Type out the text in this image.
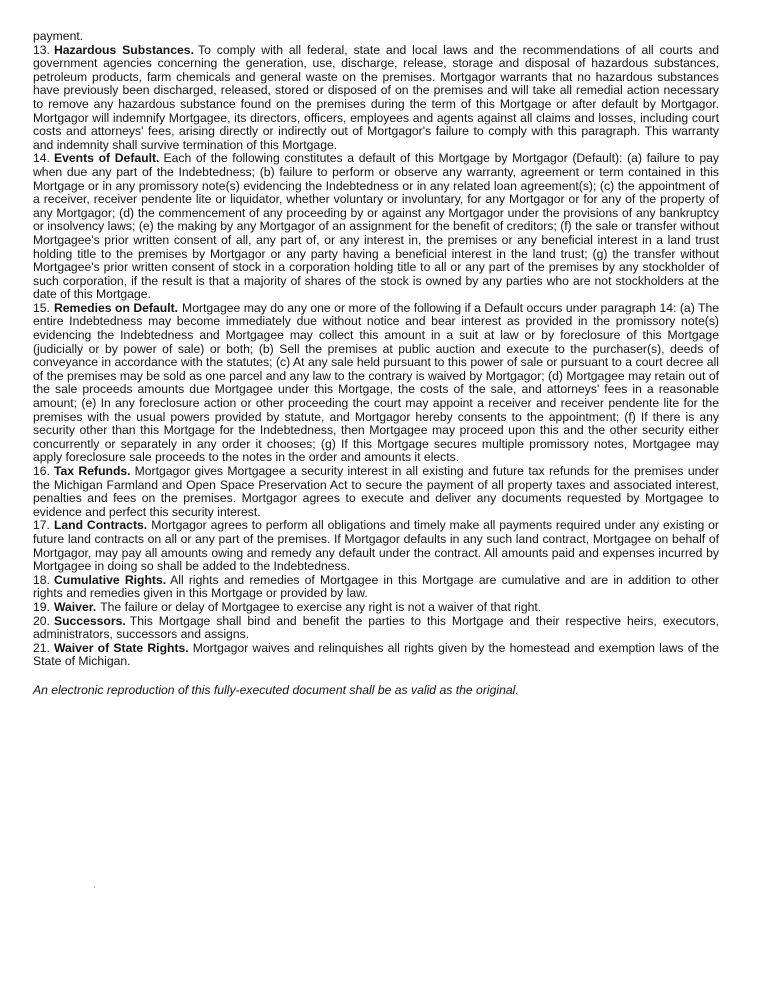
payment.

13. Hazardous Substances. To comply with all federal, state and local laws and the recommendations of all courts and government agencies concerning the generation, use, discharge, release, storage and disposal of hazardous substances, petroleum products, farm chemicals and general waste on the premises. Mortgagor warrants that no hazardous substances have previously been discharged, released, stored or disposed of on the premises and will take all remedial action necessary to remove any hazardous substance found on the premises during the term of this Mortgage or after default by Mortgagor. Mortgagor will indemnify Mortgagee, its directors, officers, employees and agents against all claims and losses, including court costs and attorneys' fees, arising directly or indirectly out of Mortgagor's failure to comply with this paragraph. This warranty and indemnity shall survive termination of this Mortgage.

14. Events of Default. Each of the following constitutes a default of this Mortgage by Mortgagor (Default): (a) failure to pay when due any part of the Indebtedness; (b) failure to perform or observe any warranty, agreement or term contained in this Mortgage or in any promissory note(s) evidencing the Indebtedness or in any related loan agreement(s); (c) the appointment of a receiver, receiver pendente lite or liquidator, whether voluntary or involuntary, for any Mortgagor or for any of the property of any Mortgagor; (d) the commencement of any proceeding by or against any Mortgagor under the provisions of any bankruptcy or insolvency laws; (e) the making by any Mortgagor of an assignment for the benefit of creditors; (f) the sale or transfer without Mortgagee's prior written consent of all, any part of, or any interest in, the premises or any beneficial interest in a land trust holding title to the premises by Mortgagor or any party having a beneficial interest in the land trust; (g) the transfer without Mortgagee's prior written consent of stock in a corporation holding title to all or any part of the premises by any stockholder of such corporation, if the result is that a majority of shares of the stock is owned by any parties who are not stockholders at the date of this Mortgage.

15. Remedies on Default. Mortgagee may do any one or more of the following if a Default occurs under paragraph 14: (a) The entire Indebtedness may become immediately due without notice and bear interest as provided in the promissory note(s) evidencing the Indebtedness and Mortgagee may collect this amount in a suit at law or by foreclosure of this Mortgage (judicially or by power of sale) or both; (b) Sell the premises at public auction and execute to the purchaser(s), deeds of conveyance in accordance with the statutes; (c) At any sale held pursuant to this power of sale or pursuant to a court decree all of the premises may be sold as one parcel and any law to the contrary is waived by Mortgagor; (d) Mortgagee may retain out of the sale proceeds amounts due Mortgagee under this Mortgage, the costs of the sale, and attorneys' fees in a reasonable amount; (e) In any foreclosure action or other proceeding the court may appoint a receiver and receiver pendente lite for the premises with the usual powers provided by statute, and Mortgagor hereby consents to the appointment; (f) If there is any security other than this Mortgage for the Indebtedness, then Mortgagee may proceed upon this and the other security either concurrently or separately in any order it chooses; (g) If this Mortgage secures multiple promissory notes, Mortgagee may apply foreclosure sale proceeds to the notes in the order and amounts it elects.

16. Tax Refunds. Mortgagor gives Mortgagee a security interest in all existing and future tax refunds for the premises under the Michigan Farmland and Open Space Preservation Act to secure the payment of all property taxes and associated interest, penalties and fees on the premises. Mortgagor agrees to execute and deliver any documents requested by Mortgagee to evidence and perfect this security interest.

17. Land Contracts. Mortgagor agrees to perform all obligations and timely make all payments required under any existing or future land contracts on all or any part of the premises. If Mortgagor defaults in any such land contract, Mortgagee on behalf of Mortgagor, may pay all amounts owing and remedy any default under the contract. All amounts paid and expenses incurred by Mortgagee in doing so shall be added to the Indebtedness.

18. Cumulative Rights. All rights and remedies of Mortgagee in this Mortgage are cumulative and are in addition to other rights and remedies given in this Mortgage or provided by law.

19. Waiver. The failure or delay of Mortgagee to exercise any right is not a waiver of that right.

20. Successors. This Mortgage shall bind and benefit the parties to this Mortgage and their respective heirs, executors, administrators, successors and assigns.

21. Waiver of State Rights. Mortgagor waives and relinquishes all rights given by the homestead and exemption laws of the State of Michigan.

An electronic reproduction of this fully-executed document shall be as valid as the original.
